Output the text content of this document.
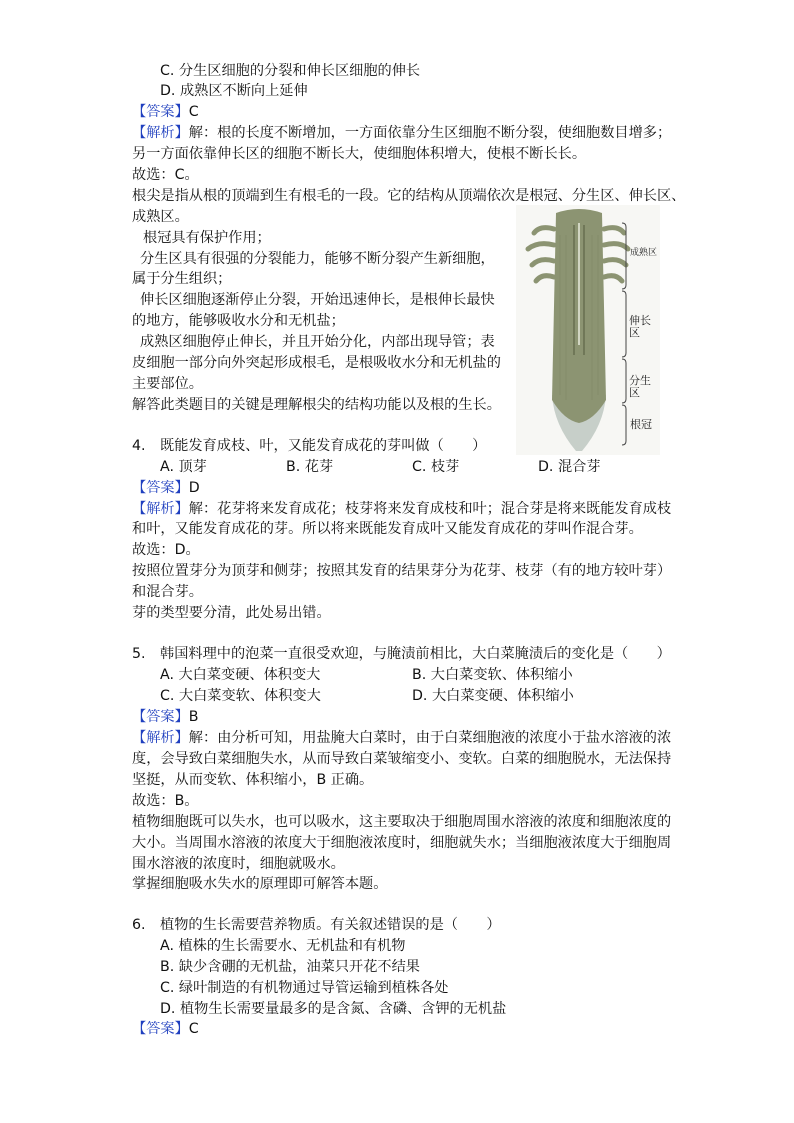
C. 分生区细胞的分裂和伸长区细胞的伸长
D. 成熟区不断向上延伸
【答案】C
【解析】解：根的长度不断增加，一方面依靠分生区细胞不断分裂，使细胞数目增多；
另一方面依靠伸长区的细胞不断长大，使细胞体积增大，使根不断长长。
故选：C。
根尖是指从根的顶端到生有根毛的一段。它的结构从顶端依次是根冠、分生区、伸长区、
成熟区。
根冠具有保护作用；
分生区具有很强的分裂能力，能够不断分裂产生新细胞，
属于分生组织；
伸长区细胞逐渐停止分裂，开始迅速伸长，是根伸长最快
的地方，能够吸收水分和无机盐；
成熟区细胞停止伸长，并且开始分化，内部出现导管；表
皮细胞一部分向外突起形成根毛，是根吸收水分和无机盐的
主要部位。
解答此类题目的关键是理解根尖的结构功能以及根的生长。
成熟区
伸长区
分生区
根冠
4. 既能发育成枝、叶，又能发育成花的芽叫做（　　）
A. 顶芽	B. 花芽	C. 枝芽	D. 混合芽
【答案】D
【解析】解：花芽将来发育成花；枝芽将来发育成枝和叶；混合芽是将来既能发育成枝
和叶，又能发育成花的芽。所以将来既能发育成叶又能发育成花的芽叫作混合芽。
故选：D。
按照位置芽分为顶芽和侧芽；按照其发育的结果芽分为花芽、枝芽（有的地方较叶芽）
和混合芽。
芽的类型要分清，此处易出错。
5. 韩国料理中的泡菜一直很受欢迎，与腌渍前相比，大白菜腌渍后的变化是（　　）
A. 大白菜变硬、体积变大	B. 大白菜变软、体积缩小
C. 大白菜变软、体积变大	D. 大白菜变硬、体积缩小
【答案】B
【解析】解：由分析可知，用盐腌大白菜时，由于白菜细胞液的浓度小于盐水溶液的浓
度，会导致白菜细胞失水，从而导致白菜皱缩变小、变软。白菜的细胞脱水，无法保持
坚挺，从而变软、体积缩小，B 正确。
故选：B。
植物细胞既可以失水，也可以吸水，这主要取决于细胞周围水溶液的浓度和细胞浓度的
大小。当周围水溶液的浓度大于细胞液浓度时，细胞就失水；当细胞液浓度大于细胞周
围水溶液的浓度时，细胞就吸水。
掌握细胞吸水失水的原理即可解答本题。
6. 植物的生长需要营养物质。有关叙述错误的是（　　）
A. 植株的生长需要水、无机盐和有机物
B. 缺少含硼的无机盐，油菜只开花不结果
C. 绿叶制造的有机物通过导管运输到植株各处
D. 植物生长需要量最多的是含氮、含磷、含钾的无机盐
【答案】C
